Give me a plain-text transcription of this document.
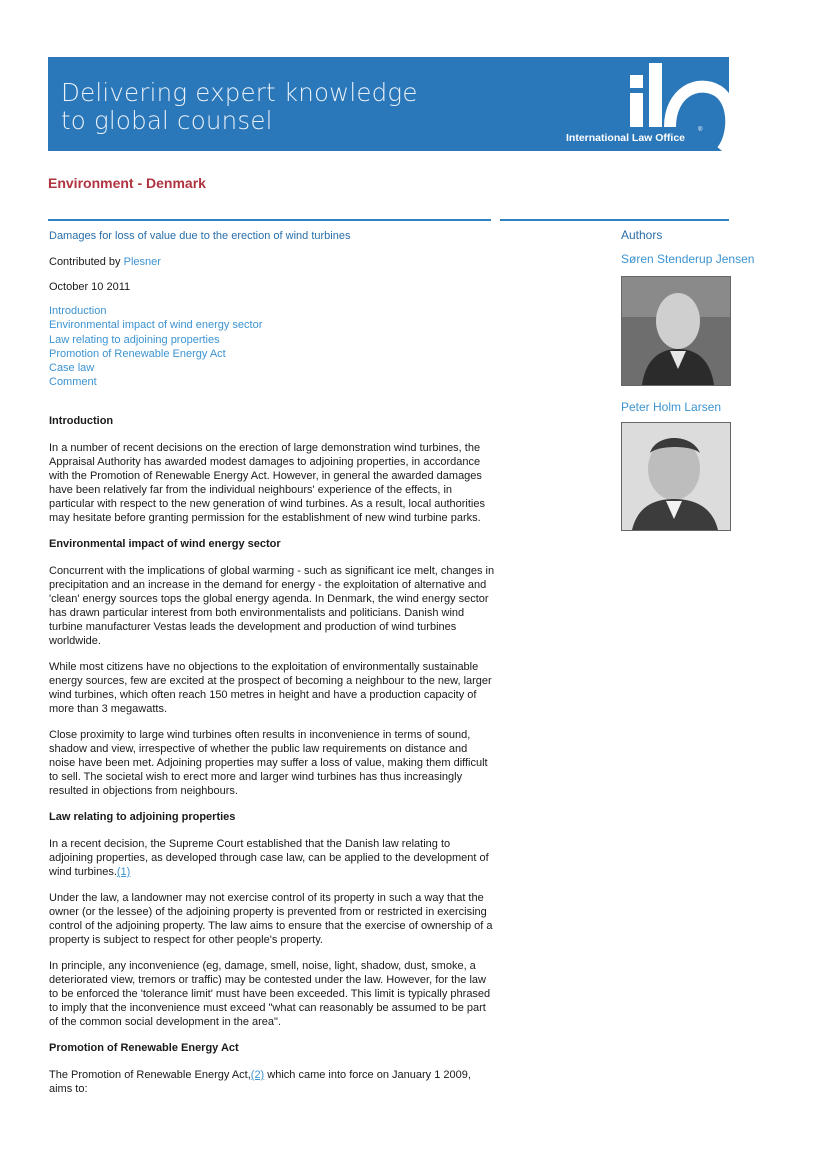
Delivering expert knowledge
to global counsel
International Law Office
®
Environment - Denmark
Damages for loss of value due to the erection of wind turbines
Contributed by Plesner
October 10 2011
Introduction
Environmental impact of wind energy sector
Law relating to adjoining properties
Promotion of Renewable Energy Act
Case law
Comment
Introduction

In a number of recent decisions on the erection of large demonstration wind turbines, the Appraisal Authority has awarded modest damages to adjoining properties, in accordance with the Promotion of Renewable Energy Act. However, in general the awarded damages have been relatively far from the individual neighbours' experience of the effects, in particular with respect to the new generation of wind turbines. As a result, local authorities may hesitate before granting permission for the establishment of new wind turbine parks.

Environmental impact of wind energy sector

Concurrent with the implications of global warming - such as significant ice melt, changes in precipitation and an increase in the demand for energy - the exploitation of alternative and 'clean' energy sources tops the global energy agenda. In Denmark, the wind energy sector has drawn particular interest from both environmentalists and politicians. Danish wind turbine manufacturer Vestas leads the development and production of wind turbines worldwide.

While most citizens have no objections to the exploitation of environmentally sustainable energy sources, few are excited at the prospect of becoming a neighbour to the new, larger wind turbines, which often reach 150 metres in height and have a production capacity of more than 3 megawatts.

Close proximity to large wind turbines often results in inconvenience in terms of sound, shadow and view, irrespective of whether the public law requirements on distance and noise have been met. Adjoining properties may suffer a loss of value, making them difficult to sell. The societal wish to erect more and larger wind turbines has thus increasingly resulted in objections from neighbours.

Law relating to adjoining properties

In a recent decision, the Supreme Court established that the Danish law relating to adjoining properties, as developed through case law, can be applied to the development of wind turbines.(1)

Under the law, a landowner may not exercise control of its property in such a way that the owner (or the lessee) of the adjoining property is prevented from or restricted in exercising control of the adjoining property. The law aims to ensure that the exercise of ownership of a property is subject to respect for other people's property.

In principle, any inconvenience (eg, damage, smell, noise, light, shadow, dust, smoke, a deteriorated view, tremors or traffic) may be contested under the law. However, for the law to be enforced the 'tolerance limit' must have been exceeded. This limit is typically phrased to imply that the inconvenience must exceed "what can reasonably be assumed to be part of the common social development in the area".

Promotion of Renewable Energy Act

The Promotion of Renewable Energy Act,(2) which came into force on January 1 2009, aims to:

Authors
Søren Stenderup Jensen
Peter Holm Larsen
